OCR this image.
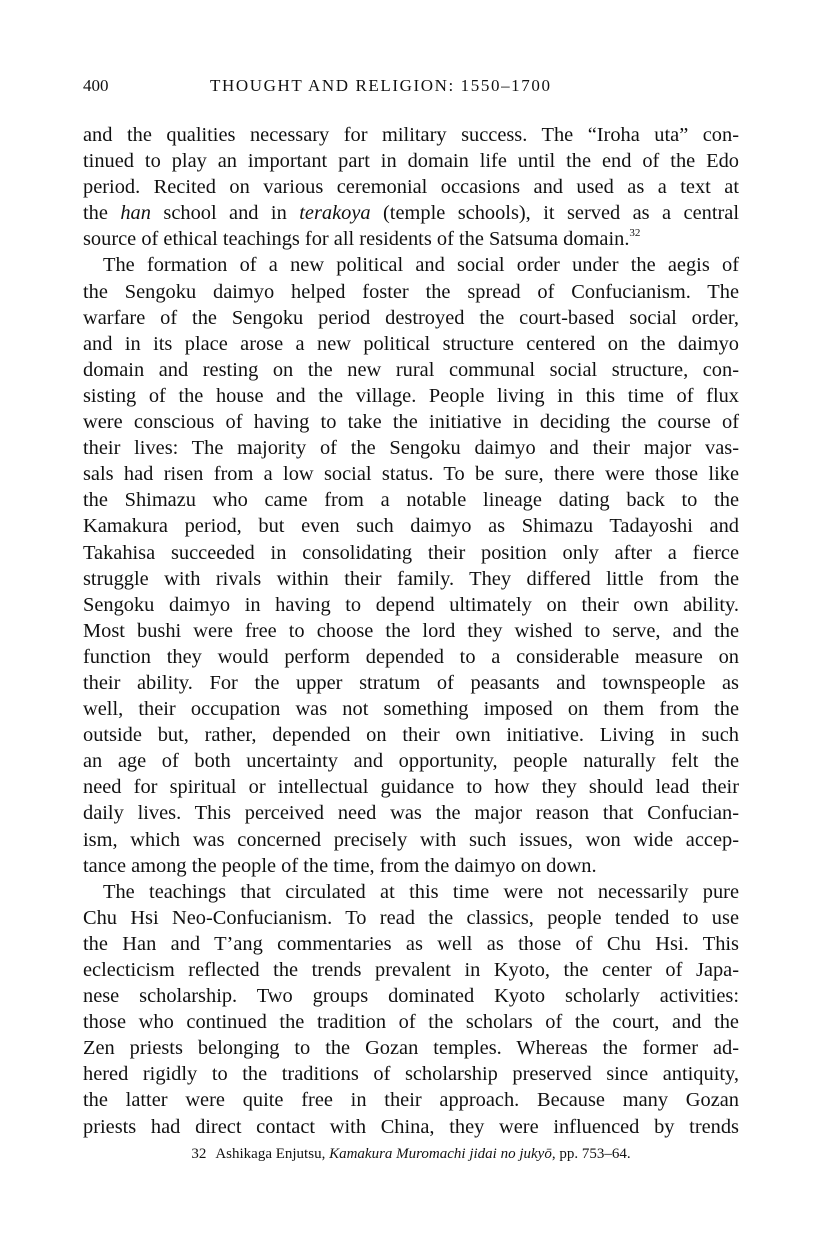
400	THOUGHT AND RELIGION: 1550–1700
and the qualities necessary for military success. The “Iroha uta” con-
tinued to play an important part in domain life until the end of the Edo
period. Recited on various ceremonial occasions and used as a text at
the han school and in terakoya (temple schools), it served as a central
source of ethical teachings for all residents of the Satsuma domain.$^{32}$
The formation of a new political and social order under the aegis of
the Sengoku daimyo helped foster the spread of Confucianism. The
warfare of the Sengoku period destroyed the court-based social order,
and in its place arose a new political structure centered on the daimyo
domain and resting on the new rural communal social structure, con-
sisting of the house and the village. People living in this time of flux
were conscious of having to take the initiative in deciding the course of
their lives: The majority of the Sengoku daimyo and their major vas-
sals had risen from a low social status. To be sure, there were those like
the Shimazu who came from a notable lineage dating back to the
Kamakura period, but even such daimyo as Shimazu Tadayoshi and
Takahisa succeeded in consolidating their position only after a fierce
struggle with rivals within their family. They differed little from the
Sengoku daimyo in having to depend ultimately on their own ability.
Most bushi were free to choose the lord they wished to serve, and the
function they would perform depended to a considerable measure on
their ability. For the upper stratum of peasants and townspeople as
well, their occupation was not something imposed on them from the
outside but, rather, depended on their own initiative. Living in such
an age of both uncertainty and opportunity, people naturally felt the
need for spiritual or intellectual guidance to how they should lead their
daily lives. This perceived need was the major reason that Confucian-
ism, which was concerned precisely with such issues, won wide accep-
tance among the people of the time, from the daimyo on down.
The teachings that circulated at this time were not necessarily pure
Chu Hsi Neo-Confucianism. To read the classics, people tended to use
the Han and T’ang commentaries as well as those of Chu Hsi. This
eclecticism reflected the trends prevalent in Kyoto, the center of Japa-
nese scholarship. Two groups dominated Kyoto scholarly activities:
those who continued the tradition of the scholars of the court, and the
Zen priests belonging to the Gozan temples. Whereas the former ad-
hered rigidly to the traditions of scholarship preserved since antiquity,
the latter were quite free in their approach. Because many Gozan
priests had direct contact with China, they were influenced by trends
32 Ashikaga Enjutsu, Kamakura Muromachi jidai no jukyō, pp. 753–64.
